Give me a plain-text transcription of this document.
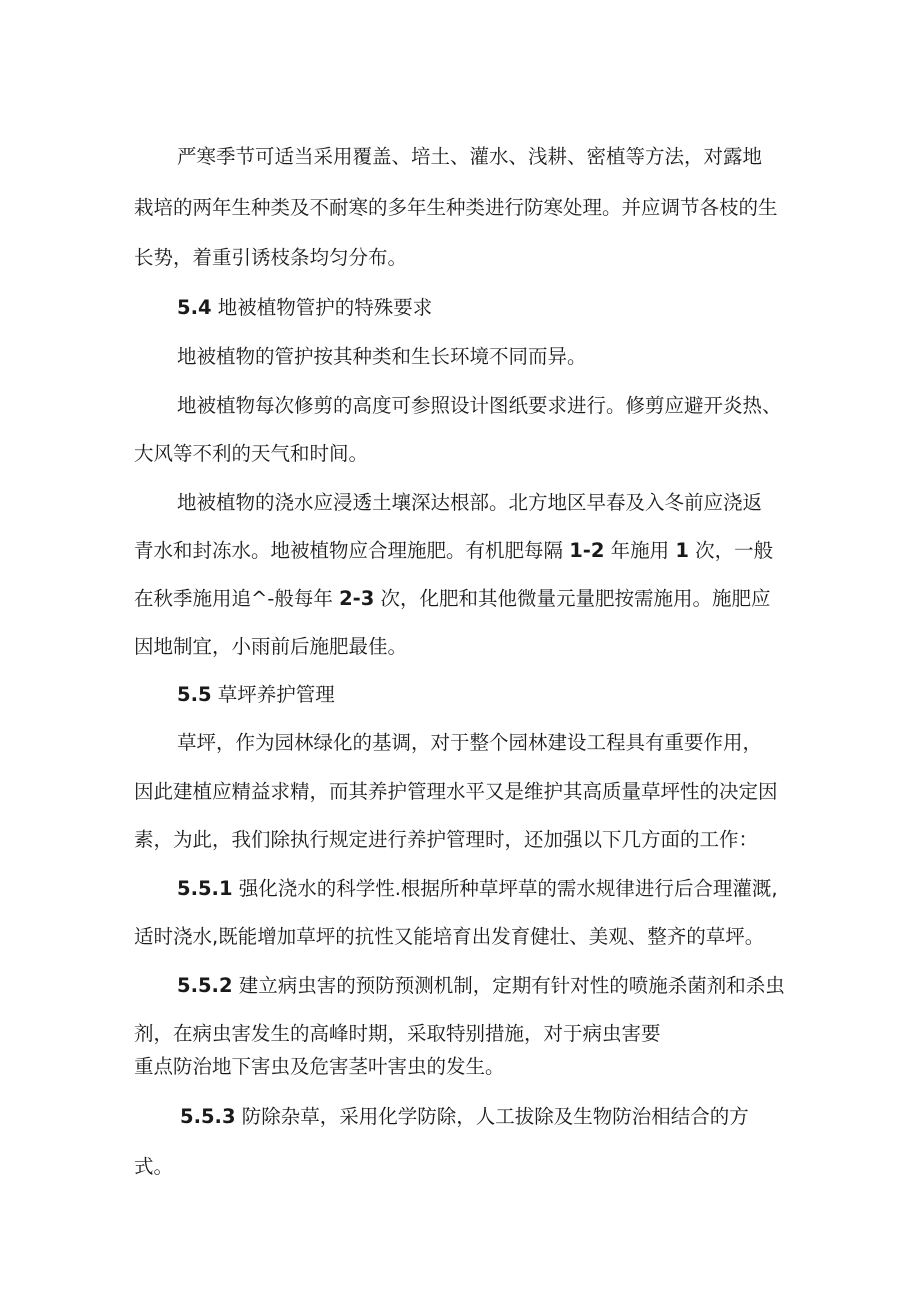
严寒季节可适当采用覆盖、培土、灌水、浅耕、密植等方法，对露地
栽培的两年生种类及不耐寒的多年生种类进行防寒处理。并应调节各枝的生
长势，着重引诱枝条均匀分布。
5.4 地被植物管护的特殊要求
地被植物的管护按其种类和生长环境不同而异。
地被植物每次修剪的高度可参照设计图纸要求进行。修剪应避开炎热、
大风等不利的天气和时间。
地被植物的浇水应浸透土壤深达根部。北方地区早春及入冬前应浇返
青水和封冻水。地被植物应合理施肥。有机肥每隔 1-2 年施用 1 次，一般
在秋季施用追^-般每年 2-3 次，化肥和其他微量元量肥按需施用。施肥应
因地制宜，小雨前后施肥最佳。
5.5 草坪养护管理
草坪，作为园林绿化的基调，对于整个园林建设工程具有重要作用，
因此建植应精益求精，而其养护管理水平又是维护其高质量草坪性的决定因
素，为此，我们除执行规定进行养护管理时，还加强以下几方面的工作：
5.5.1 强化浇水的科学性.根据所种草坪草的需水规律进行后合理灌溉,
适时浇水,既能增加草坪的抗性又能培育出发育健壮、美观、整齐的草坪。
5.5.2 建立病虫害的预防预测机制，定期有针对性的喷施杀菌剂和杀虫
剂，在病虫害发生的高峰时期，采取特别措施，对于病虫害要
重点防治地下害虫及危害茎叶害虫的发生。
5.5.3 防除杂草，采用化学防除，人工拔除及生物防治相结合的方
式。
